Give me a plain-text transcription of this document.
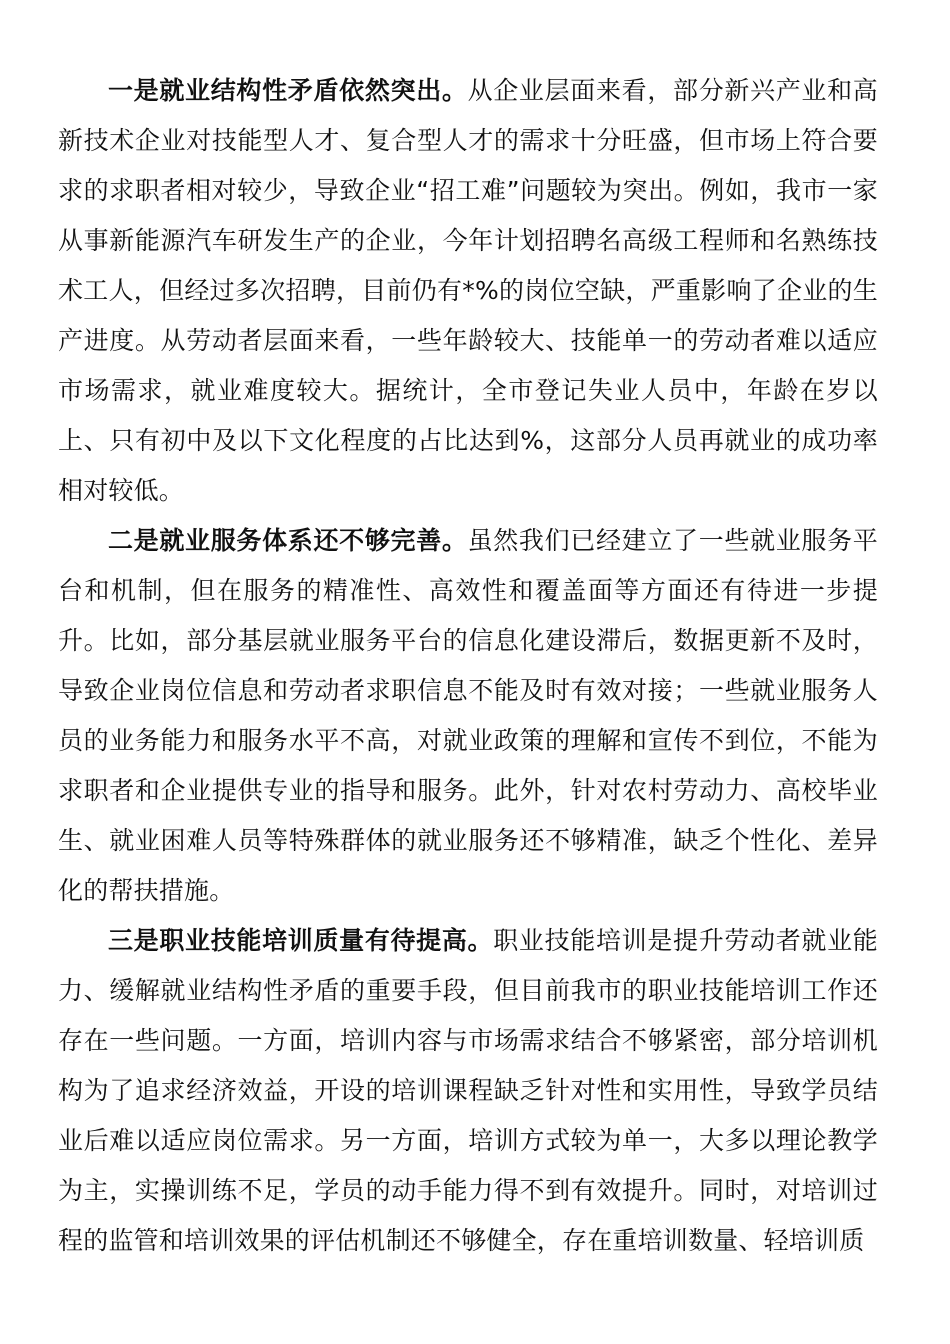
一是就业结构性矛盾依然突出。从企业层面来看，部分新兴产业和高新技术企业对技能型人才、复合型人才的需求十分旺盛，但市场上符合要求的求职者相对较少，导致企业“招工难”问题较为突出。例如，我市一家从事新能源汽车研发生产的企业，今年计划招聘名高级工程师和名熟练技术工人，但经过多次招聘，目前仍有*%的岗位空缺，严重影响了企业的生产进度。从劳动者层面来看，一些年龄较大、技能单一的劳动者难以适应市场需求，就业难度较大。据统计，全市登记失业人员中，年龄在岁以上、只有初中及以下文化程度的占比达到%，这部分人员再就业的成功率相对较低。

二是就业服务体系还不够完善。虽然我们已经建立了一些就业服务平台和机制，但在服务的精准性、高效性和覆盖面等方面还有待进一步提升。比如，部分基层就业服务平台的信息化建设滞后，数据更新不及时，导致企业岗位信息和劳动者求职信息不能及时有效对接；一些就业服务人员的业务能力和服务水平不高，对就业政策的理解和宣传不到位，不能为求职者和企业提供专业的指导和服务。此外，针对农村劳动力、高校毕业生、就业困难人员等特殊群体的就业服务还不够精准，缺乏个性化、差异化的帮扶措施。

三是职业技能培训质量有待提高。职业技能培训是提升劳动者就业能力、缓解就业结构性矛盾的重要手段，但目前我市的职业技能培训工作还存在一些问题。一方面，培训内容与市场需求结合不够紧密，部分培训机构为了追求经济效益，开设的培训课程缺乏针对性和实用性，导致学员结业后难以适应岗位需求。另一方面，培训方式较为单一，大多以理论教学为主，实操训练不足，学员的动手能力得不到有效提升。同时，对培训过程的监管和培训效果的评估机制还不够健全，存在重培训数量、轻培训质
